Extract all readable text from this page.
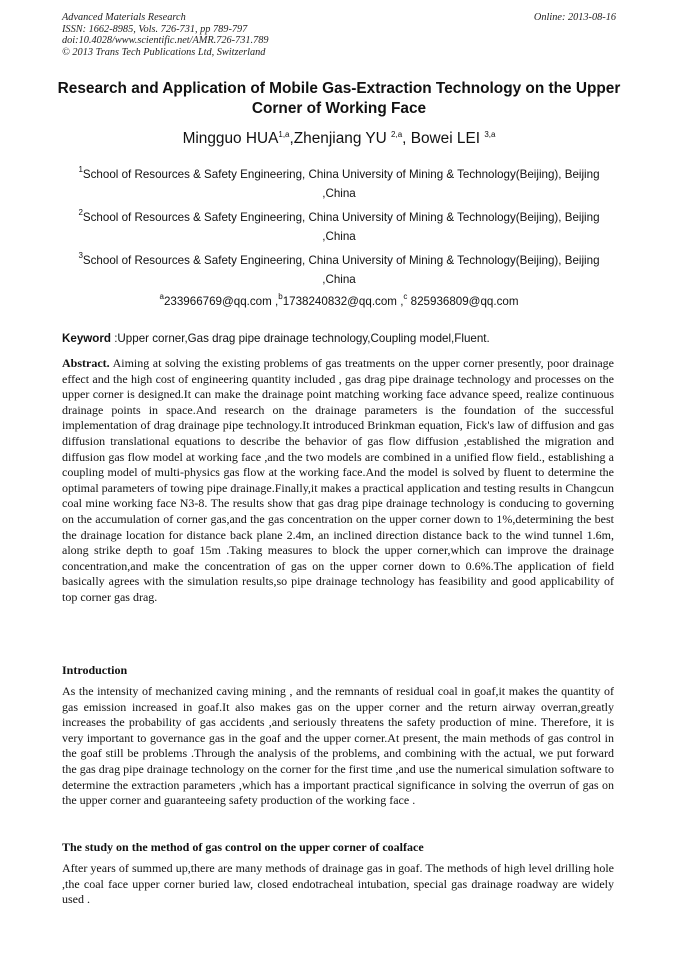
Advanced Materials Research
ISSN: 1662-8985, Vols. 726-731, pp 789-797
doi:10.4028/www.scientific.net/AMR.726-731.789
© 2013 Trans Tech Publications Ltd, Switzerland
Online: 2013-08-16
Research and Application of Mobile Gas-Extraction Technology on the Upper Corner of Working Face
Mingguo HUA$^{1,a}$,Zhenjiang YU $^{2,a}$, Bowei LEI $^{3,a}$
$^1$School of Resources & Safety Engineering, China University of Mining & Technology(Beijing), Beijing ,China
$^2$School of Resources & Safety Engineering, China University of Mining & Technology(Beijing), Beijing ,China
$^3$School of Resources & Safety Engineering, China University of Mining & Technology(Beijing), Beijing ,China
$^a$233966769@qq.com ,$^b$1738240832@qq.com ,$^c$ 825936809@qq.com
Keyword :Upper corner,Gas drag pipe drainage technology,Coupling model,Fluent.
Abstract. Aiming at solving the existing problems of gas treatments on the upper corner presently, poor drainage effect and the high cost of engineering quantity included , gas drag pipe drainage technology and processes on the upper corner is designed.It can make the drainage point matching working face advance speed, realize continuous drainage points in space.And research on the drainage parameters is the foundation of the successful implementation of drag drainage pipe technology.It introduced Brinkman equation, Fick's law of diffusion and gas diffusion translational equations to describe the behavior of gas flow diffusion ,established the migration and diffusion gas flow model at working face ,and the two models are combined in a unified flow field., establishing a coupling model of multi-physics gas flow at the working face.And the model is solved by fluent to determine the optimal parameters of towing pipe drainage.Finally,it makes a practical application and testing results in Changcun coal mine working face N3-8. The results show that gas drag pipe drainage technology is conducing to governing on the accumulation of corner gas,and the gas concentration on the upper corner down to 1%,determining the best the drainage location for distance back plane 2.4m, an inclined direction distance back to the wind tunnel 1.6m, along strike depth to goaf 15m .Taking measures to block the upper corner,which can improve the drainage concentration,and make the concentration of gas on the upper corner down to 0.6%.The application of field basically agrees with the simulation results,so pipe drainage technology has feasibility and good applicability of top corner gas drag.
Introduction
As the intensity of mechanized caving mining , and the remnants of residual coal in goaf,it makes the quantity of gas emission increased in goaf.It also makes gas on the upper corner and the return airway overran,greatly increases the probability of gas accidents ,and seriously threatens the safety production of mine. Therefore, it is very important to governance gas in the goaf and the upper corner.At present, the main methods of gas control in the goaf still be problems .Through the analysis of the problems, and combining with the actual, we put forward the gas drag pipe drainage technology on the corner for the first time ,and use the numerical simulation software to determine the extraction parameters ,which has a important practical significance in solving the overrun of gas on the upper corner and guaranteeing safety production of the working face .
The study on the method of gas control on the upper corner of coalface
After years of summed up,there are many methods of drainage gas in goaf. The methods of high level drilling hole ,the coal face upper corner buried law, closed endotracheal intubation, special gas drainage roadway are widely used .
